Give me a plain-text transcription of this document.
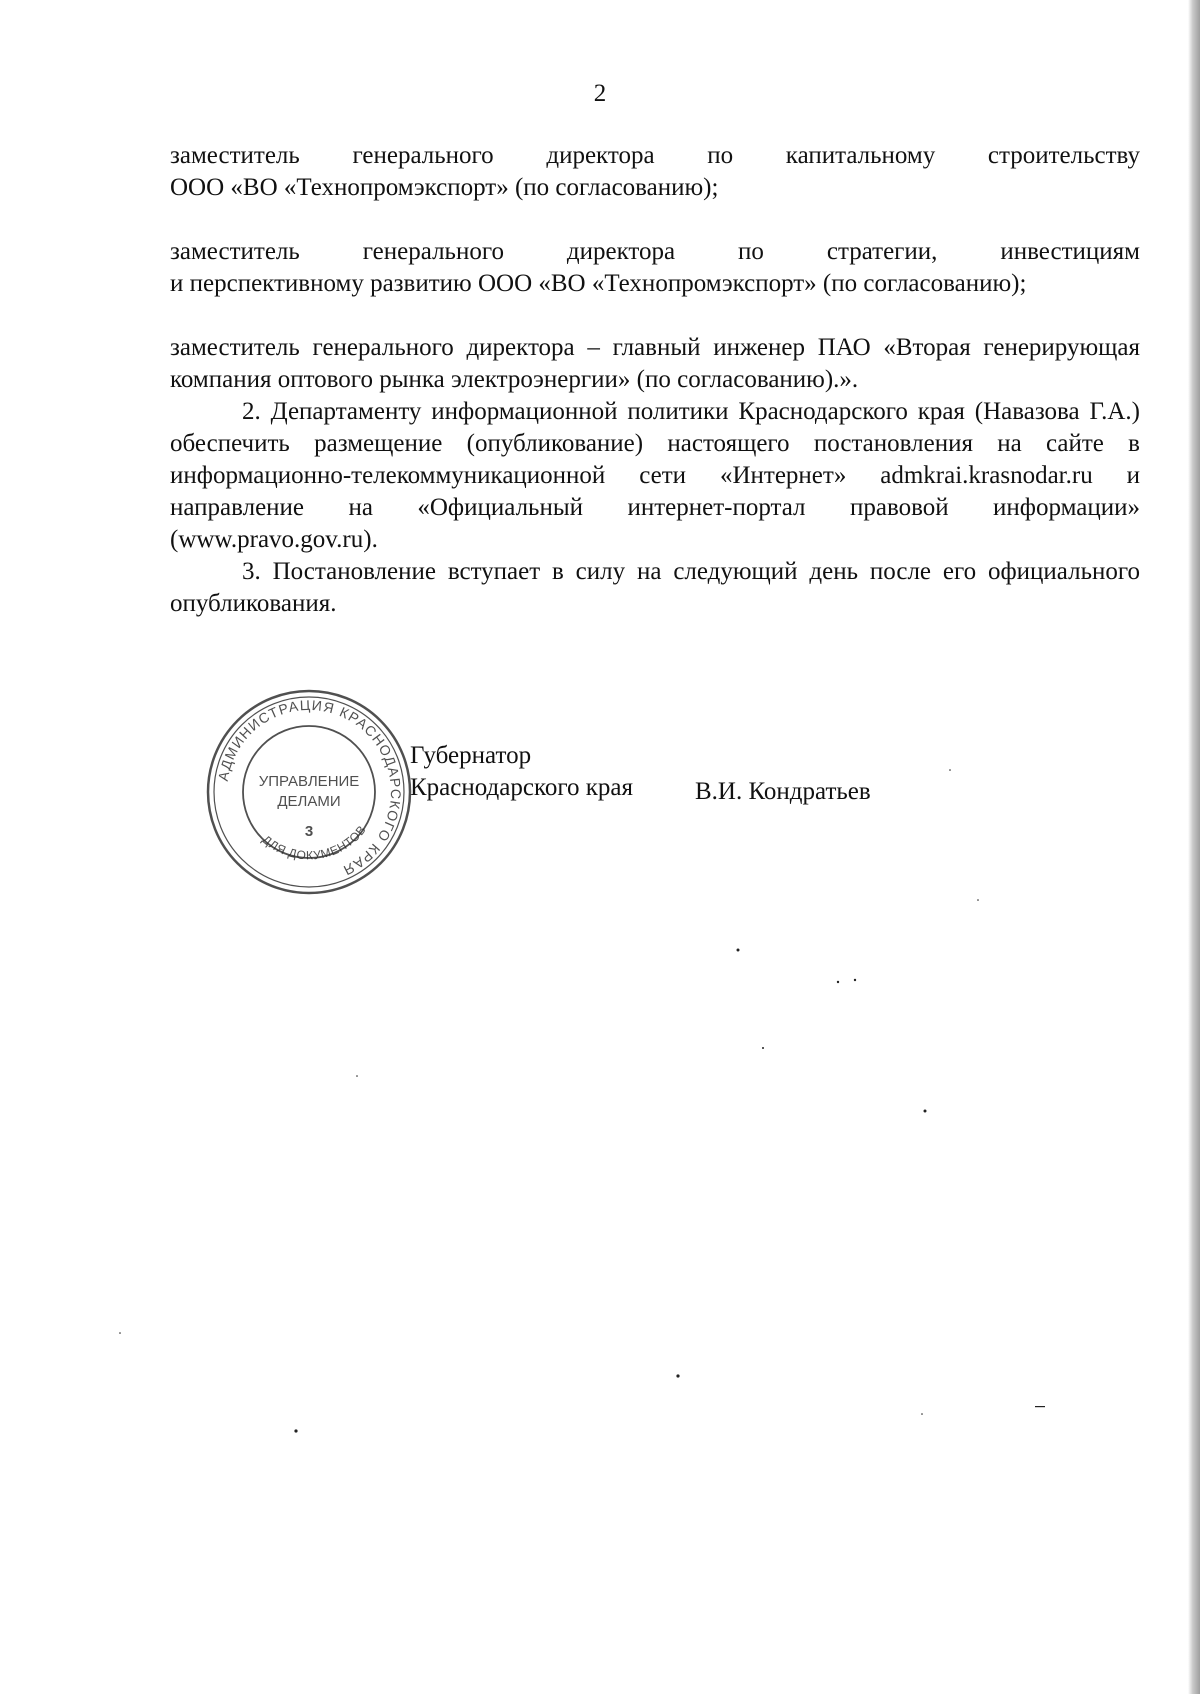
2

заместитель генерального директора по капитальному строительству

ООО «ВО «Технопромэкспорт» (по согласованию);

заместитель генерального директора по стратегии, инвестициям

и перспективному развитию ООО «ВО «Технопромэкспорт» (по согласованию);

заместитель генерального директора – главный инженер ПАО «Вторая генерирующая компания оптового рынка электроэнергии» (по согласованию).».

2. Департаменту информационной политики Краснодарского края (Навазова Г.А.) обеспечить размещение (опубликование) настоящего постановления на сайте в информационно-телекоммуникационной сети «Интернет» admkrai.krasnodar.ru и направление на «Официальный интернет-портал правовой информации» (www.pravo.gov.ru).

3. Постановление вступает в силу на следующий день после его официального опубликования.

Губернатор
Краснодарского края В.И. Кондратьев
АДМИНИСТРАЦИЯ КРАСНОДАРСКОГО КРАЯ
ДЛЯ ДОКУМЕНТОВ
УПРАВЛЕНИЕ
ДЕЛАМИ
3
